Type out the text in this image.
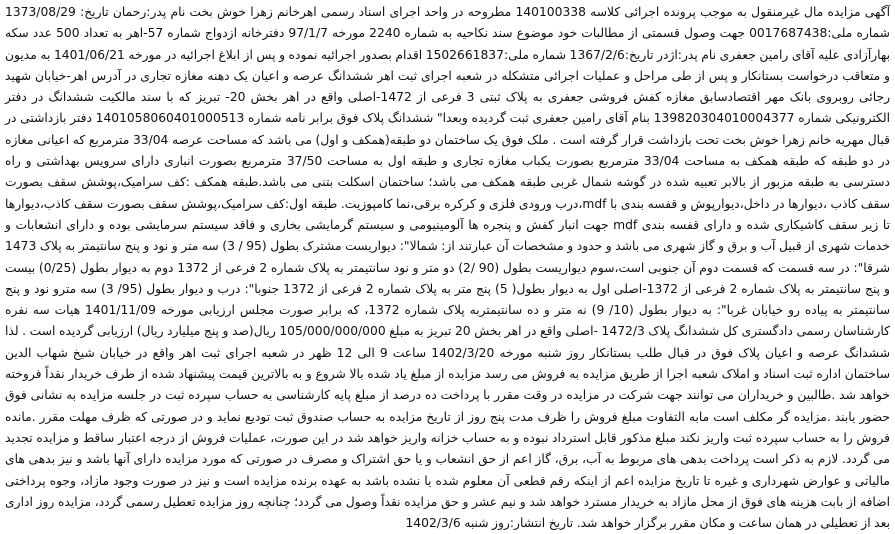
آگهی مزایده مال غیرمنقول به موجب پرونده اجرائی کلاسه 140100338 مطروحه در واحد اجرای اسناد رسمی اهرخانم زهرا خوش بخت نام پدر:رحمان تاریخ: 1373/08/29 شماره ملی:0017687438 جهت وصول قسمتی از مطالبات خود موضوع سند نکاحیه به شماره 2240 مورخه 97/1/7 دفترخانه ازدواج شماره 57-اهر به تعداد 500 عدد سکه بهارآزادی علیه آقای رامین جعفری نام پدر:اژدر تاریخ:1367/2/6 شماره ملی:1502661837 اقدام بصدور اجرائیه نموده و پس از ابلاغ اجرائیه در مورخه 1401/06/21 به مدیون و متعاقب درخواست بستانکار و پس از طی مراحل و عملیات اجرائی متشکله در شعبه اجرای ثبت اهر ششدانگ عرصه و اعیان یک دهنه مغازه تجاری در آدرس اهر-خیابان شهید رجائی روبروی بانک مهر اقتصادسابق مغازه کفش فروشی جعفری به پلاک ثبتی 3 فرعی از 1472-اصلی واقع در اهر بخش 20- تبریز که با سند مالکیت ششدانگ در دفتر الکترونیکی شماره 139820304010004377 بنام آقای رامین جعفری ثبت گردیده وبعدا" ششدانگ پلاک فوق برابر نامه شماره 1401058060401000513 دفتر بازداشتی در قبال مهریه خانم زهرا خوش بخت تحت بازداشت قرار گرفته است . ملک فوق یک ساختمان دو طبقه(همکف و اول) می باشد که مساحت عرصه 33/04 مترمربع که اعیانی مغازه در دو طبقه که طبقه همکف به مساحت 33/04 مترمربع بصورت یکباب مغازه تجاری و طبقه اول به مساحت 37/50 مترمربع بصورت انباری دارای سرویس بهداشتی و راه دسترسی به طبقه مزبور از بالابر تعبیه شده در گوشه شمال غربی طبقه همکف می باشد؛ ساختمان اسکلت بتنی می باشد.طبقه همکف :کف سرامیک،پوشش سقف بصورت سقف کاذب ،دیوارها در داخل،دیوارپوش و قفسه بندی با mdf،درب ورودی فلزی و کرکره برقی،نما کامپوزیت. طبقه اول:کف سرامیک،پوشش سقف بصورت سقف کاذب،دیوارها تا زیر سقف کاشیکاری شده و دارای قفسه بندی mdf جهت انبار کفش و پنجره ها آلومینیومی و سیستم گرمایشی بخاری و فاقد سیستم سرمایشی بوده و دارای انشعابات و خدمات شهری از قبیل آب و برق و گاز شهری می باشد و حدود و مشخصات آن عبارتند از: شمالا": دیواریست مشترک بطول (95 / 3) سه متر و نود و پنج سانتیمتر به پلاک 1473 شرقا": در سه قسمت که قسمت دوم آن جنوبی است،سوم دیواریست بطول (90 /2) دو متر و نود سانتیمتر به پلاک شماره 2 فرعی از 1372 دوم به دیوار بطول (0/25) بیست و پنج سانتیمتر به پلاک شماره 2 فرعی از 1372-اصلی اول به دیوار بطول( 5) پنج متر به پلاک شماره 2 فرعی از 1372 جنوبا": درب و دیوار بطول (95/ 3) سه مترو نود و پنج سانتیمتر به پیاده رو خیابان غربا": به دیوار بطول (10/ 9) نه متر و ده سانتیمتربه پلاک شماره 1372، که برابر صورت مجلس ارزیابی مورخه 1401/11/09 هیات سه نفره کارشناسان رسمی دادگستری کل ششدانگ پلاک 1472/3 -اصلی واقع در اهر بخش 20 تبریز به مبلغ 105/000/000/000 ریال(صد و پنج میلیارد ریال) ارزیابی گردیده است . لذا ششدانگ عرصه و اعیان پلاک فوق در قبال طلب بستانکار روز شنبه مورخه 1402/3/20 ساعت 9 الی 12 ظهر در شعبه اجرای ثبت اهر واقع در خیابان شیخ شهاب الدین ساختمان اداره ثبت اسناد و املاک شعبه اجرا از طریق مزایده به فروش می رسد مزایده از مبلغ یاد شده بالا شروع و به بالاترین قیمت پیشنهاد شده از طرف خریدار نقداً فروخته خواهد شد .طالبین و خریداران می توانند جهت شرکت در مزایده در وقت مقرر با پرداخت ده درصد از مبلغ پایه کارشناسی به حساب سپرده ثبت در جلسه مزایده به نشانی فوق حضور یابند .مزایده گر مکلف است مابه التفاوت مبلغ فروش را ظرف مدت پنج روز از تاریخ مزایده به حساب صندوق ثبت تودیع نماید و در صورتی که ظرف مهلت مقرر .مانده فروش را به حساب سپرده ثبت واریز نکند مبلغ مذکور قابل استرداد نبوده و به حساب خزانه واریز خواهد شد در این صورت، عملیات فروش از درجه اعتبار ساقط و مزایده تجدید می گردد. لازم به ذکر است پرداخت بدهی های مربوط به آب، برق، گاز اعم از حق انشعاب و یا حق اشتراک و مصرف در صورتی که مورد مزایده دارای آنها باشد و نیز بدهی های مالیاتی و عوارض شهرداری و غیره تا تاریخ مزایده اعم از اینکه رقم قطعی آن معلوم شده یا نشده باشد به عهده برنده مزایده است و نیز در صورت وجود مازاد، وجوه پرداختی اضافه از بابت هزینه های فوق از محل مازاد به خریدار مسترد خواهد شد و نیم عشر و حق مزایده نقداً وصول می گردد؛ چنانچه روز مزایده تعطیل رسمی گردد، مزایده روز اداری بعد از تعطیلی در همان ساعت و مکان مقرر برگزار خواهد شد. تاریخ انتشار:روز شنبه 1402/3/6
